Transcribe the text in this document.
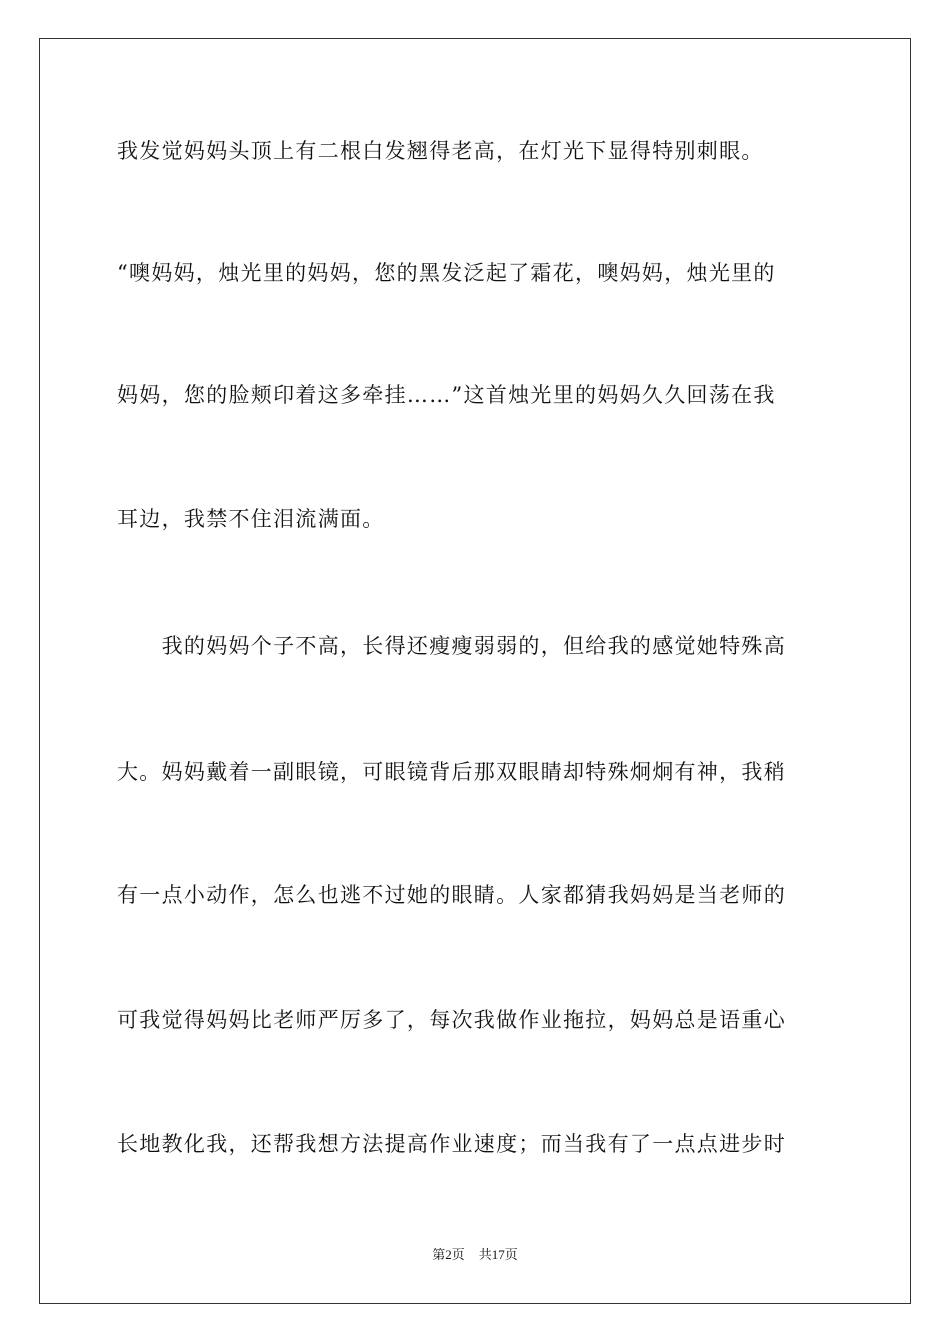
我发觉妈妈头顶上有二根白发翘得老高，在灯光下显得特别刺眼。
“噢妈妈，烛光里的妈妈，您的黑发泛起了霜花，噢妈妈，烛光里的
妈妈，您的脸颊印着这多牵挂……”这首烛光里的妈妈久久回荡在我
耳边，我禁不住泪流满面。
　　我的妈妈个子不高，长得还瘦瘦弱弱的，但给我的感觉她特殊高
大。妈妈戴着一副眼镜，可眼镜背后那双眼睛却特殊炯炯有神，我稍
有一点小动作，怎么也逃不过她的眼睛。人家都猜我妈妈是当老师的
可我觉得妈妈比老师严厉多了，每次我做作业拖拉，妈妈总是语重心
长地教化我，还帮我想方法提高作业速度；而当我有了一点点进步时
第2页 共17页
